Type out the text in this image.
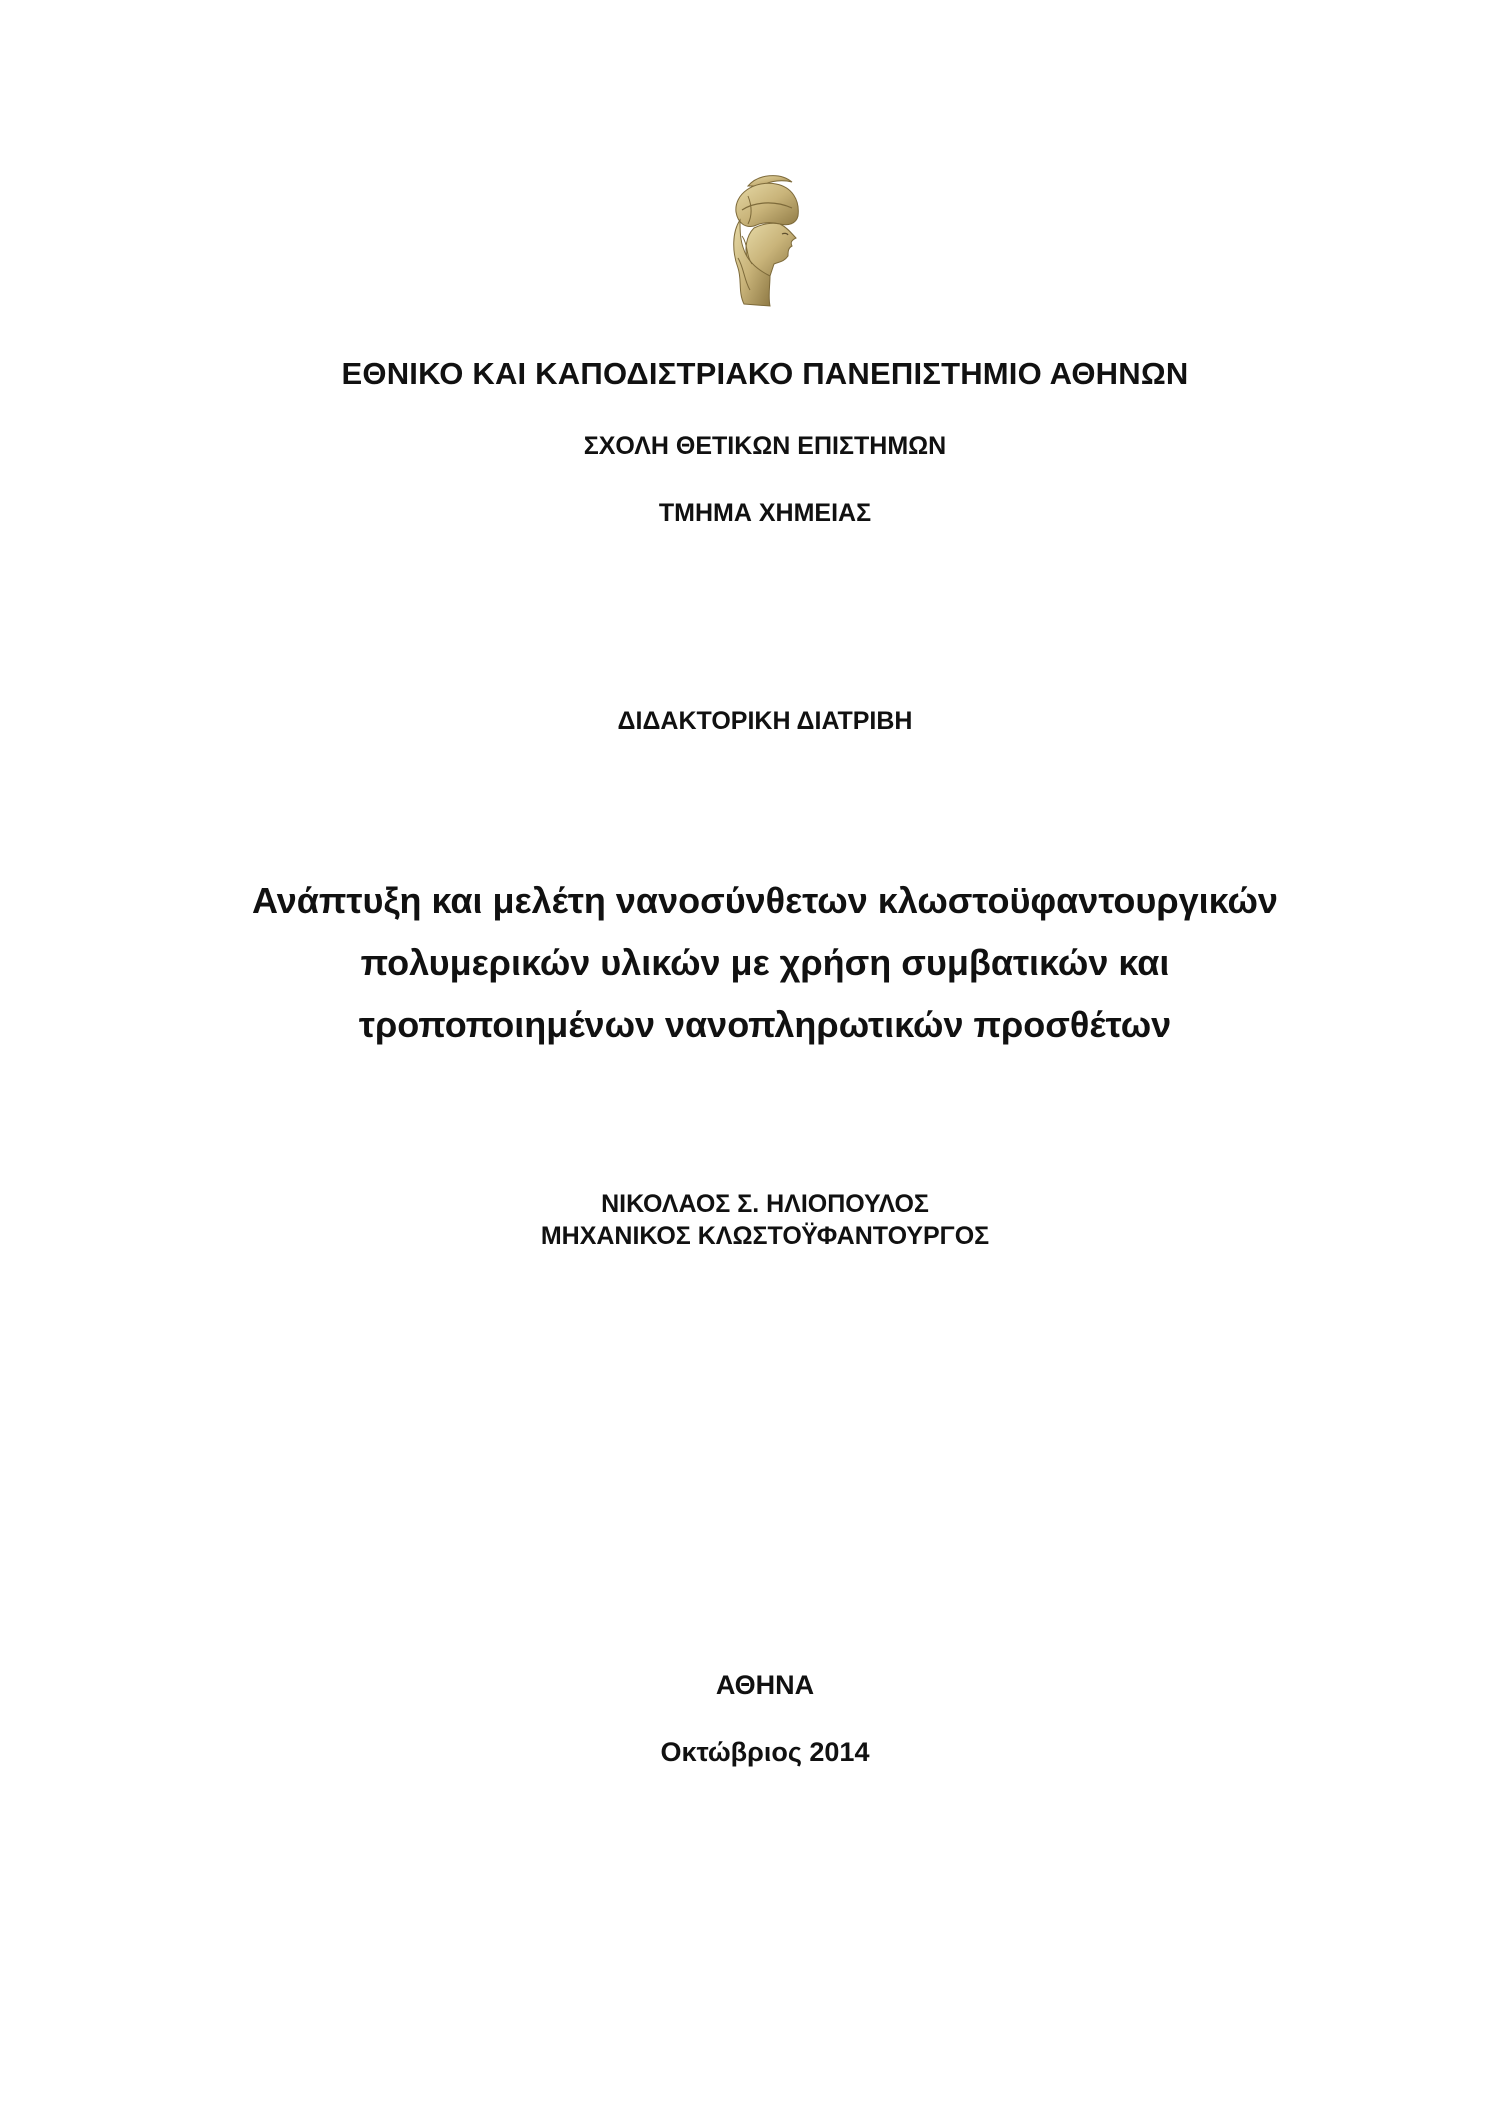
ΕΘΝΙΚΟ ΚΑΙ ΚΑΠΟΔΙΣΤΡΙΑΚΟ ΠΑΝΕΠΙΣΤΗΜΙΟ ΑΘΗΝΩΝ
ΣΧΟΛΗ ΘΕΤΙΚΩΝ ΕΠΙΣΤΗΜΩΝ
ΤΜΗΜΑ ΧΗΜΕΙΑΣ
ΔΙΔΑΚΤΟΡΙΚΗ ΔΙΑΤΡΙΒΗ
Ανάπτυξη και μελέτη νανοσύνθετων κλωστοϋφαντουργικών
πολυμερικών υλικών με χρήση συμβατικών και
τροποποιημένων νανοπληρωτικών προσθέτων
ΝΙΚΟΛΑΟΣ Σ. ΗΛΙΟΠΟΥΛΟΣ
ΜΗΧΑΝΙΚΟΣ ΚΛΩΣΤΟΫΦΑΝΤΟΥΡΓΟΣ
ΑΘΗΝΑ
Οκτώβριος 2014
